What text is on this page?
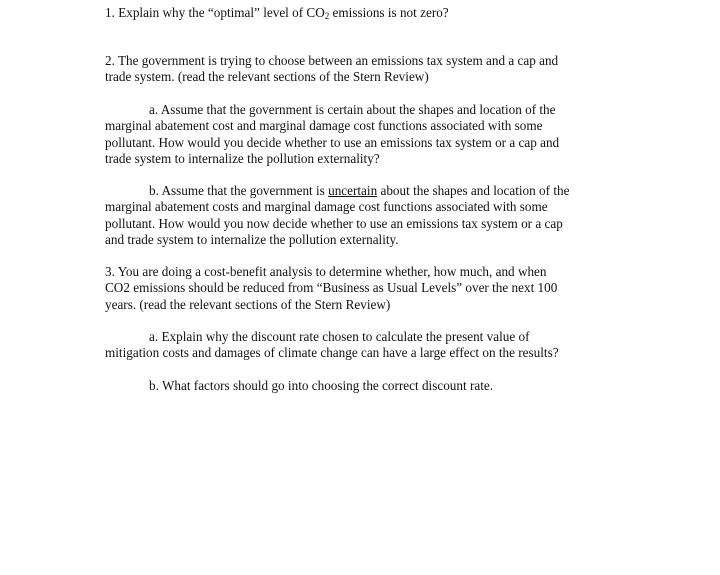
1. Explain why the “optimal” level of $CO_2$ emissions is not zero?

2. The government is trying to choose between an emissions tax system and a cap and
trade system. (read the relevant sections of the Stern Review)

a. Assume that the government is certain about the shapes and location of the
marginal abatement cost and marginal damage cost functions associated with some
pollutant. How would you decide whether to use an emissions tax system or a cap and
trade system to internalize the pollution externality?

b. Assume that the government is uncertain about the shapes and location of the
marginal abatement costs and marginal damage cost functions associated with some
pollutant. How would you now decide whether to use an emissions tax system or a cap
and trade system to internalize the pollution externality.

3. You are doing a cost-benefit analysis to determine whether, how much, and when
CO2 emissions should be reduced from “Business as Usual Levels” over the next 100
years. (read the relevant sections of the Stern Review)

a. Explain why the discount rate chosen to calculate the present value of
mitigation costs and damages of climate change can have a large effect on the results?

b. What factors should go into choosing the correct discount rate.
